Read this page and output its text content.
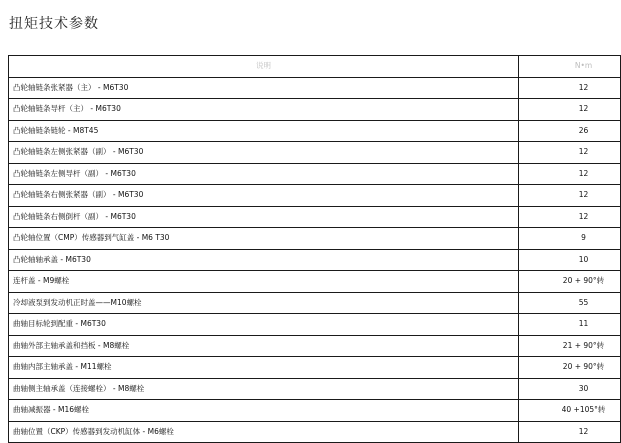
扭矩技术参数
说明	N•m
凸轮轴链条张紧器（主） - M6T30	12
凸轮轴链条导杆（主） - M6T30	12
凸轮轴链条链轮 - M8T45	26
凸轮轴链条左侧张紧器（副） - M6T30	12
凸轮轴链条左侧导杆（副） - M6T30	12
凸轮轴链条右侧张紧器（副） - M6T30	12
凸轮轴链条右侧倒杆（副） - M6T30	12
凸轮轴位置（CMP）传感器到气缸盖 - M6 T30	9
凸轮轴轴承盖 - M6T30	10
连杆盖 - M9螺栓	20 + 90°转
冷却液泵到发动机正时盖——M10螺栓	55
曲轴目标轮到配重 - M6T30	11
曲轴外部主轴承盖和挡板 - M8螺栓	21 + 90°转
曲轴内部主轴承盖 - M11螺栓	20 + 90°转
曲轴侧主轴承盖（连接螺栓） - M8螺栓	30
曲轴减振器 - M16螺栓	40 +105°转
曲轴位置（CKP）传感器到发动机缸体 - M6螺栓	12
